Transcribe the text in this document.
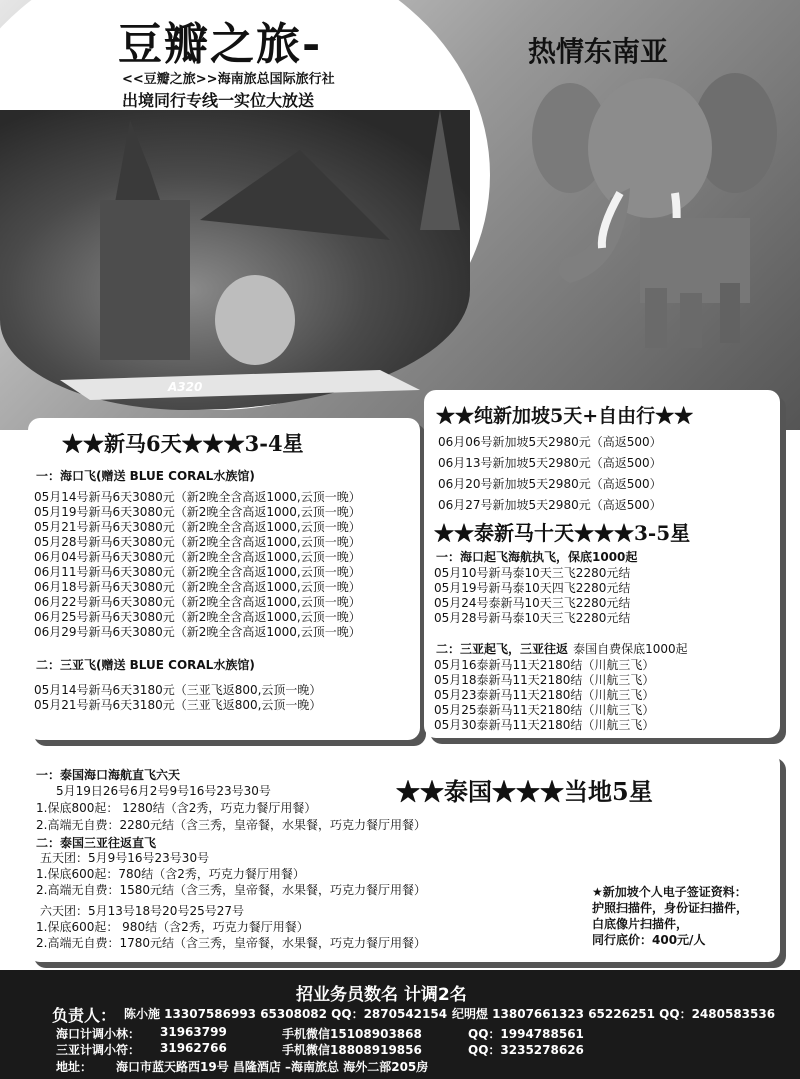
A320
豆瓣之旅-
<<豆瓣之旅>>海南旅总国际旅行社
出境同行专线一实位大放送
热情东南亚
★★新马6天★★★3-4星
一：海口飞(赠送 BLUE CORAL水族馆)
05月14号新马6天3080元（新2晚全含高返1000,云顶一晚）
05月19号新马6天3080元（新2晚全含高返1000,云顶一晚）
05月21号新马6天3080元（新2晚全含高返1000,云顶一晚）
05月28号新马6天3080元（新2晚全含高返1000,云顶一晚）
06月04号新马6天3080元（新2晚全含高返1000,云顶一晚）
06月11号新马6天3080元（新2晚全含高返1000,云顶一晚）
06月18号新马6天3080元（新2晚全含高返1000,云顶一晚）
06月22号新马6天3080元（新2晚全含高返1000,云顶一晚）
06月25号新马6天3080元（新2晚全含高返1000,云顶一晚）
06月29号新马6天3080元（新2晚全含高返1000,云顶一晚）
二：三亚飞(赠送 BLUE CORAL水族馆)
05月14号新马6天3180元（三亚飞返800,云顶一晚）
05月21号新马6天3180元（三亚飞返800,云顶一晚）
★★纯新加坡5天+自由行★★
06月06号新加坡5天2980元（高返500）
06月13号新加坡5天2980元（高返500）
06月20号新加坡5天2980元（高返500）
06月27号新加坡5天2980元（高返500）
★★泰新马十天★★★3-5星
一：海口起飞海航执飞，保底1000起
05月10号新马泰10天三飞2280元结
05月19号新马泰10天四飞2280元结
05月24号泰新马10天三飞2280元结
05月28号新马泰10天三飞2280元结
二：三亚起飞，三亚往返 泰国自费保底1000起
05月16泰新马11天2180结（川航三飞）
05月18泰新马11天2180结（川航三飞）
05月23泰新马11天2180结（川航三飞）
05月25泰新马11天2180结（川航三飞）
05月30泰新马11天2180结（川航三飞）
★★泰国★★★当地5星
一：泰国海口海航直飞六天
5月19日26号6月2号9号16号23号30号
1.保底800起： 1280结（含2秀，巧克力餐厅用餐）
2.高端无自费：2280元结（含三秀，皇帝餐，水果餐，巧克力餐厅用餐）
二：泰国三亚往返直飞
五天团：5月9号16号23号30号
1.保底600起：780结（含2秀，巧克力餐厅用餐）
2.高端无自费：1580元结（含三秀，皇帝餐，水果餐，巧克力餐厅用餐）
六天团：5月13号18号20号25号27号
1.保底600起： 980结（含2秀，巧克力餐厅用餐）
2.高端无自费：1780元结（含三秀，皇帝餐，水果餐，巧克力餐厅用餐）
★新加坡个人电子签证资料：
护照扫描件，身份证扫描件，
白底像片扫描件，
同行底价：400元/人
招业务员数名 计调2名
负责人： 陈小施 13307586993 65308082 QQ：2870542154 纪明煜 13807661323 65226251 QQ：2480583536
海口计调小林： 31963799	手机微信15108903868	QQ：1994788561
三亚计调小符： 31962766	手机微信18808919856	QQ：3235278626
地址： 海口市蓝天路西19号 昌隆酒店 –海南旅总 海外二部205房
